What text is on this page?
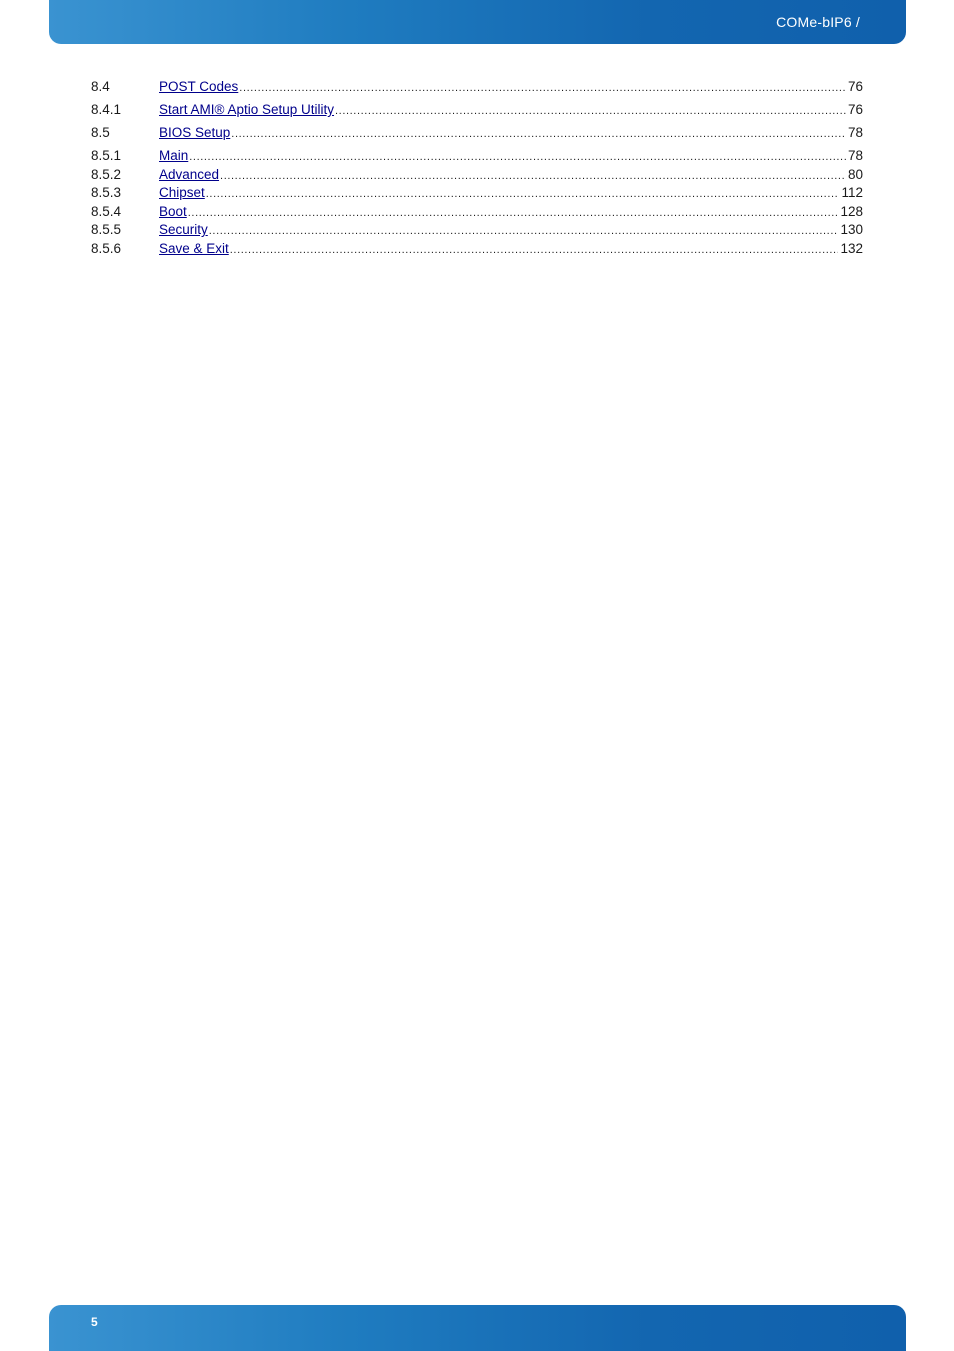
COMe-bIP6 /
8.4	POST Codes .....	76
8.4.1	Start AMI® Aptio Setup Utility .....	76
8.5	BIOS Setup .....	78
8.5.1	Main .....	78
8.5.2	Advanced .....	80
8.5.3	Chipset .....	112
8.5.4	Boot .....	128
8.5.5	Security .....	130
8.5.6	Save & Exit .....	132
5
